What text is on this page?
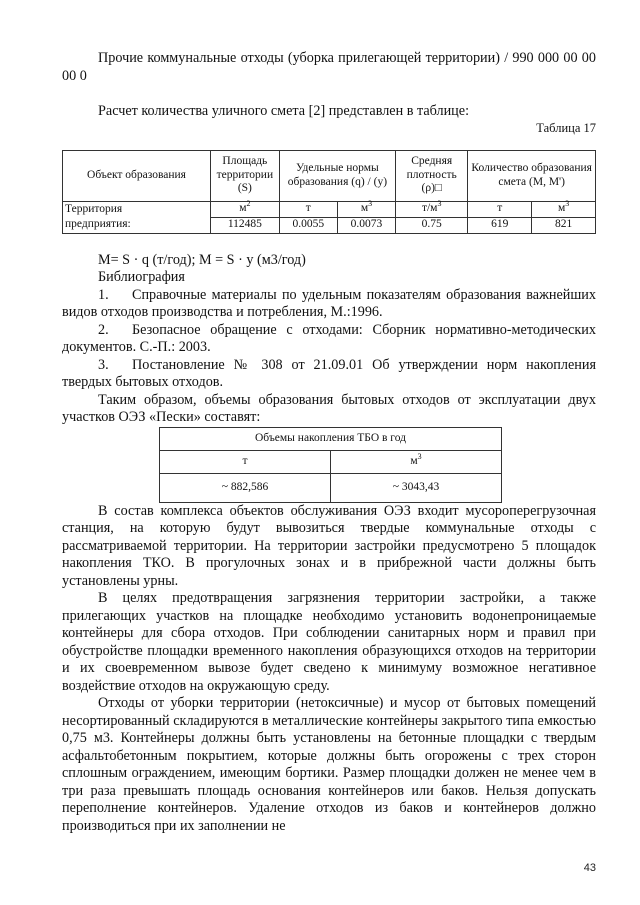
Прочие коммунальные отходы (уборка прилегающей территории) / 990 000 00 00 00 0

Расчет количества уличного смета [2] представлен в таблице:

Таблица 17

Объект образования	Площадь территории (S)	Удельные нормы образования (q) / (у)		Средняя плотность (ρ)□	Количество образования смета (М, М')	
Территория	$м^2$	т	$м^3$	$т/м^3$	т	$м^3$
предприятия:	112485	0.0055	0.0073	0.75	619	821

М= S · q (т/год); М = S · у (м3/год)

Библиография

1. Справочные материалы по удельным показателям образования важнейших видов отходов производства и потребления, М.:1996.

2. Безопасное обращение с отходами: Сборник нормативно-методических документов. С.-П.: 2003.

3. Постановление № 308 от 21.09.01 Об утверждении норм накопления твердых бытовых отходов.

Таким образом, объемы образования бытовых отходов от эксплуатации двух участков ОЭЗ «Пески» составят:

Объемы накопления ТБО в год	
т	$м^3$
~ 882,586	~ 3043,43

В состав комплекса объектов обслуживания ОЭЗ входит мусороперегрузочная станция, на которую будут вывозиться твердые коммунальные отходы с рассматриваемой территории. На территории застройки предусмотрено 5 площадок накопления ТКО. В прогулочных зонах и в прибрежной части должны быть установлены урны.

В целях предотвращения загрязнения территории застройки, а также прилегающих участков на площадке необходимо установить водонепроницаемые контейнеры для сбора отходов. При соблюдении санитарных норм и правил при обустройстве площадки временного накопления образующихся отходов на территории и их своевременном вывозе будет сведено к минимуму возможное негативное воздействие отходов на окружающую среду.

Отходы от уборки территории (нетоксичные) и мусор от бытовых помещений несортированный складируются в металлические контейнеры закрытого типа емкостью 0,75 м3. Контейнеры должны быть установлены на бетонные площадки с твердым асфальтобетонным покрытием, которые должны быть огорожены с трех сторон сплошным ограждением, имеющим бортики. Размер площадки должен не менее чем в три раза превышать площадь основания контейнеров или баков. Нельзя допускать переполнение контейнеров. Удаление отходов из баков и контейнеров должно производиться при их заполнении не

43
